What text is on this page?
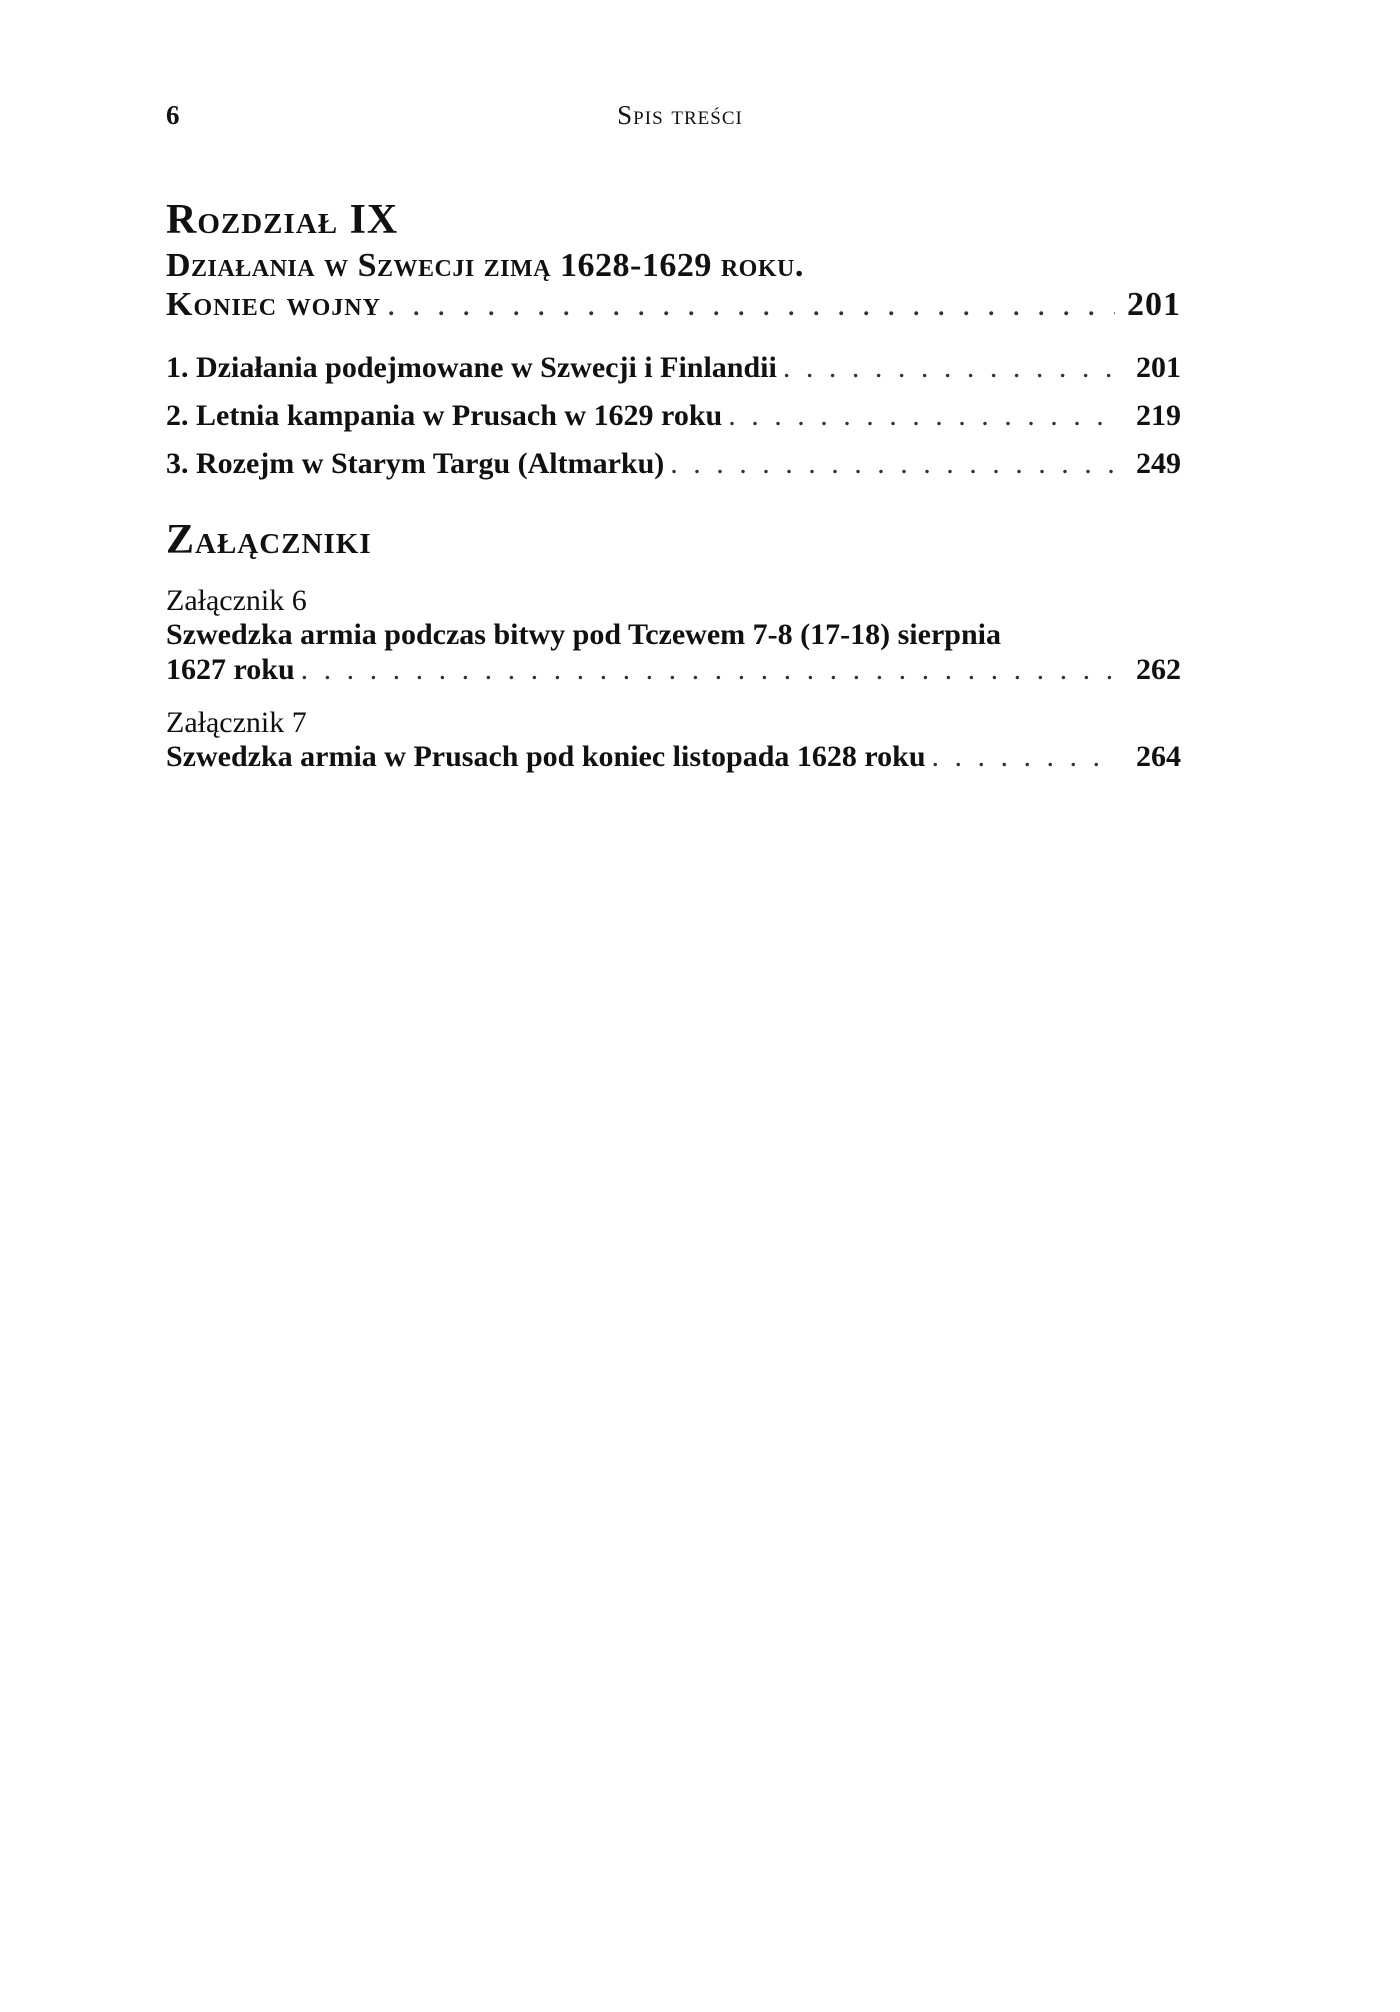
6	Spis treści
Rozdział IX
Działania w Szwecji zimą 1628-1629 roku.
Koniec wojny . . .	201
1. Działania podejmowane w Szwecji i Finlandii . . .	201
2. Letnia kampania w Prusach w 1629 roku . . .	219
3. Rozejm w Starym Targu (Altmarku) . . .	249
Załączniki
Załącznik 6
Szwedzka armia podczas bitwy pod Tczewem 7-8 (17-18) sierpnia
1627 roku . . .	262
Załącznik 7
Szwedzka armia w Prusach pod koniec listopada 1628 roku . . .	264
